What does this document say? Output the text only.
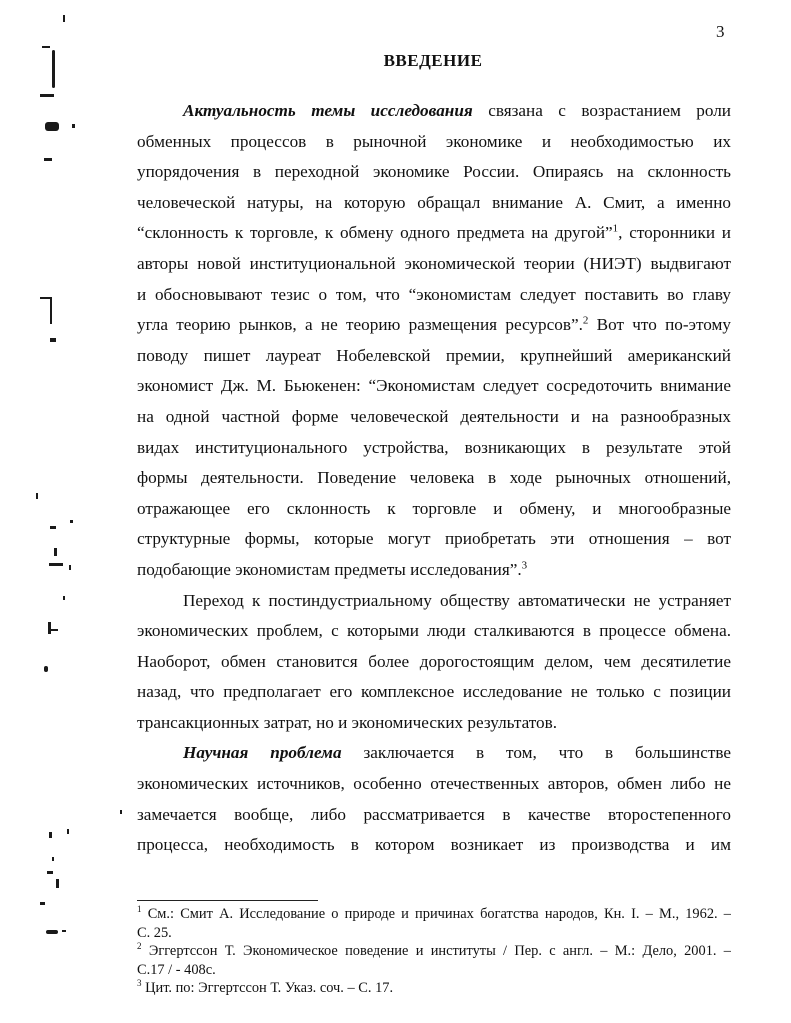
3
ВВЕДЕНИЕ
Актуальность темы исследования связана с возрастанием роли
обменных процессов в рыночной экономике и необходимостью их
упорядочения в переходной экономике России. Опираясь на склонность
человеческой натуры, на которую обращал внимание А. Смит, а именно
“склонность к торговле, к обмену одного предмета на другой”$^1$, сторонники и
авторы новой институциональной экономической теории (НИЭТ) выдвигают
и обосновывают тезис о том, что “экономистам следует поставить во главу
угла теорию рынков, а не теорию размещения ресурсов”.$^2$ Вот что по-этому
поводу пишет лауреат Нобелевской премии, крупнейший американский
экономист Дж. М. Бьюкенен: “Экономистам следует сосредоточить внимание
на одной частной форме человеческой деятельности и на разнообразных
видах институционального устройства, возникающих в результате этой
формы деятельности. Поведение человека в ходе рыночных отношений,
отражающее его склонность к торговле и обмену, и многообразные
структурные формы, которые могут приобретать эти отношения – вот
подобающие экономистам предметы исследования”.$^3$
Переход к постиндустриальному обществу автоматически не устраняет
экономических проблем, с которыми люди сталкиваются в процессе обмена.
Наоборот, обмен становится более дорогостоящим делом, чем десятилетие
назад, что предполагает его комплексное исследование не только с позиции
трансакционных затрат, но и экономических результатов.
Научная проблема заключается в том, что в большинстве
экономических источников, особенно отечественных авторов, обмен либо не
замечается вообще, либо рассматривается в качестве второстепенного
процесса, необходимость в котором возникает из производства и им
$^1$ См.: Смит А. Исследование о природе и причинах богатства народов, Кн. I. – М., 1962. –
С. 25.
$^2$ Эггертссон Т. Экономическое поведение и институты / Пер. с англ. – М.: Дело, 2001. –
С.17 / - 408с.
$^3$ Цит. по: Эггертссон Т. Указ. соч. – С. 17.
